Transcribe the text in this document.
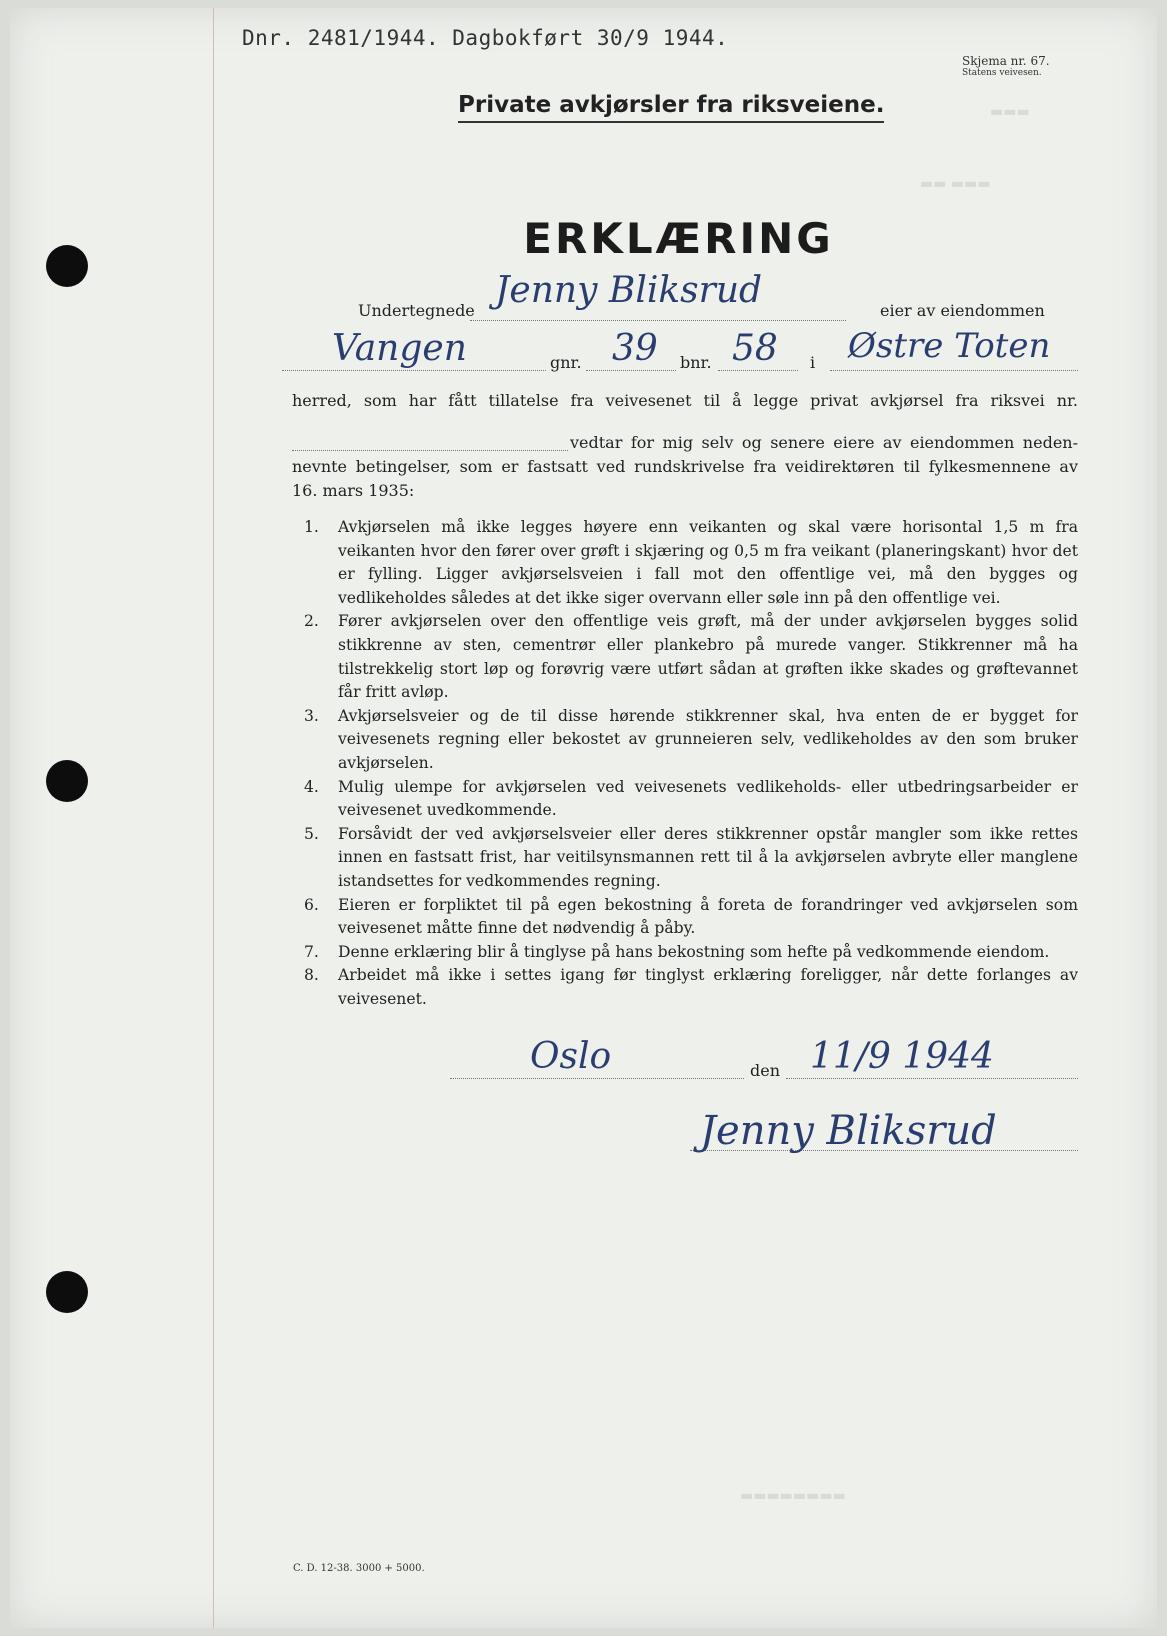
▬▬▬
▬▬ ▬▬▬
▬▬▬▬▬▬▬▬
Dnr. 2481/1944. Dagbokført 30/9 1944.
Skjema nr. 67.
Statens veivesen.
Private avkjørsler fra riksveiene.
ERKLÆRING
Undertegnede Jenny Bliksrud	eier av eiendommen
Vangen	gnr. 39 bnr. 58 i Østre Toten
herred, som har fått tillatelse fra veivesenet til å legge privat avkjørsel fra riksvei nr.
vedtar for mig selv og senere eiere av eiendommen neden-
nevnte betingelser, som er fastsatt ved rundskrivelse fra veidirektøren til fylkesmennene av
16. mars 1935:
1. Avkjørselen må ikke legges høyere enn veikanten og skal være horisontal 1,5 m fra veikanten hvor den fører over grøft i skjæring og 0,5 m fra veikant (planeringskant) hvor det er fylling. Ligger avkjørselsveien i fall mot den offentlige vei, må den bygges og vedlikeholdes således at det ikke siger overvann eller søle inn på den offentlige vei.
2. Fører avkjørselen over den offentlige veis grøft, må der under avkjørselen bygges solid stikkrenne av sten, cementrør eller plankebro på murede vanger. Stikkrenner må ha tilstrekkelig stort løp og forøvrig være utført sådan at grøften ikke skades og grøftevannet får fritt avløp.
3. Avkjørselsveier og de til disse hørende stikkrenner skal, hva enten de er bygget for veivesenets regning eller bekostet av grunneieren selv, vedlikeholdes av den som bruker avkjørselen.
4. Mulig ulempe for avkjørselen ved veivesenets vedlikeholds- eller utbedringsarbeider er veivesenet uvedkommende.
5. Forsåvidt der ved avkjørselsveier eller deres stikkrenner opstår mangler som ikke rettes innen en fastsatt frist, har veitilsynsmannen rett til å la avkjørselen avbryte eller manglene istandsettes for vedkommendes regning.
6. Eieren er forpliktet til på egen bekostning å foreta de forandringer ved avkjørselen som veivesenet måtte finne det nødvendig å påby.
7. Denne erklæring blir å tinglyse på hans bekostning som hefte på vedkommende eiendom.
8. Arbeidet må ikke i settes igang før tinglyst erklæring foreligger, når dette forlanges av veivesenet.
Oslo	den 11/9 1944
Jenny Bliksrud
C. D. 12-38. 3000 + 5000.
